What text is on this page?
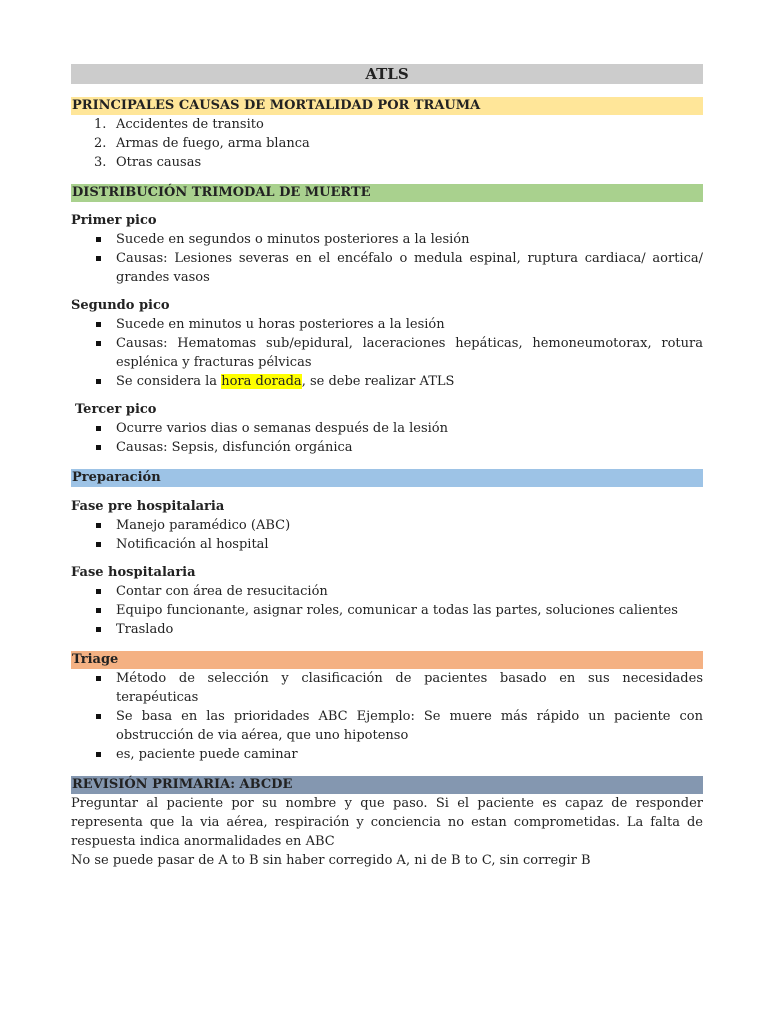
ATLS
PRINCIPALES CAUSAS DE MORTALIDAD POR TRAUMA
1. Accidentes de transito
2. Armas de fuego, arma blanca
3. Otras causas
DISTRIBUCIÓN TRIMODAL DE MUERTE
Primer pico
Sucede en segundos o minutos posteriores a la lesión
Causas: Lesiones severas en el encéfalo o medula espinal, ruptura cardiaca/ aortica/ grandes vasos
Segundo pico
Sucede en minutos u horas posteriores a la lesión
Causas: Hematomas sub/epidural, laceraciones hepáticas, hemoneumotorax, rotura esplénica y fracturas pélvicas
Se considera la hora dorada, se debe realizar ATLS
Tercer pico
Ocurre varios dias o semanas después de la lesión
Causas: Sepsis, disfunción orgánica
Preparación
Fase pre hospitalaria
Manejo paramédico (ABC)
Notificación al hospital
Fase hospitalaria
Contar con área de resucitación
Equipo funcionante, asignar roles, comunicar a todas las partes, soluciones calientes
Traslado
Triage
Método de selección y clasificación de pacientes basado en sus necesidades terapéuticas
Se basa en las prioridades ABC Ejemplo: Se muere más rápido un paciente con obstrucción de via aérea, que uno hipotenso
es, paciente puede caminar
REVISIÓN PRIMARIA: ABCDE

Preguntar al paciente por su nombre y que paso. Si el paciente es capaz de responder representa que la via aérea, respiración y conciencia no estan comprometidas. La falta de respuesta indica anormalidades en ABC

No se puede pasar de A to B sin haber corregido A, ni de B to C, sin corregir B
